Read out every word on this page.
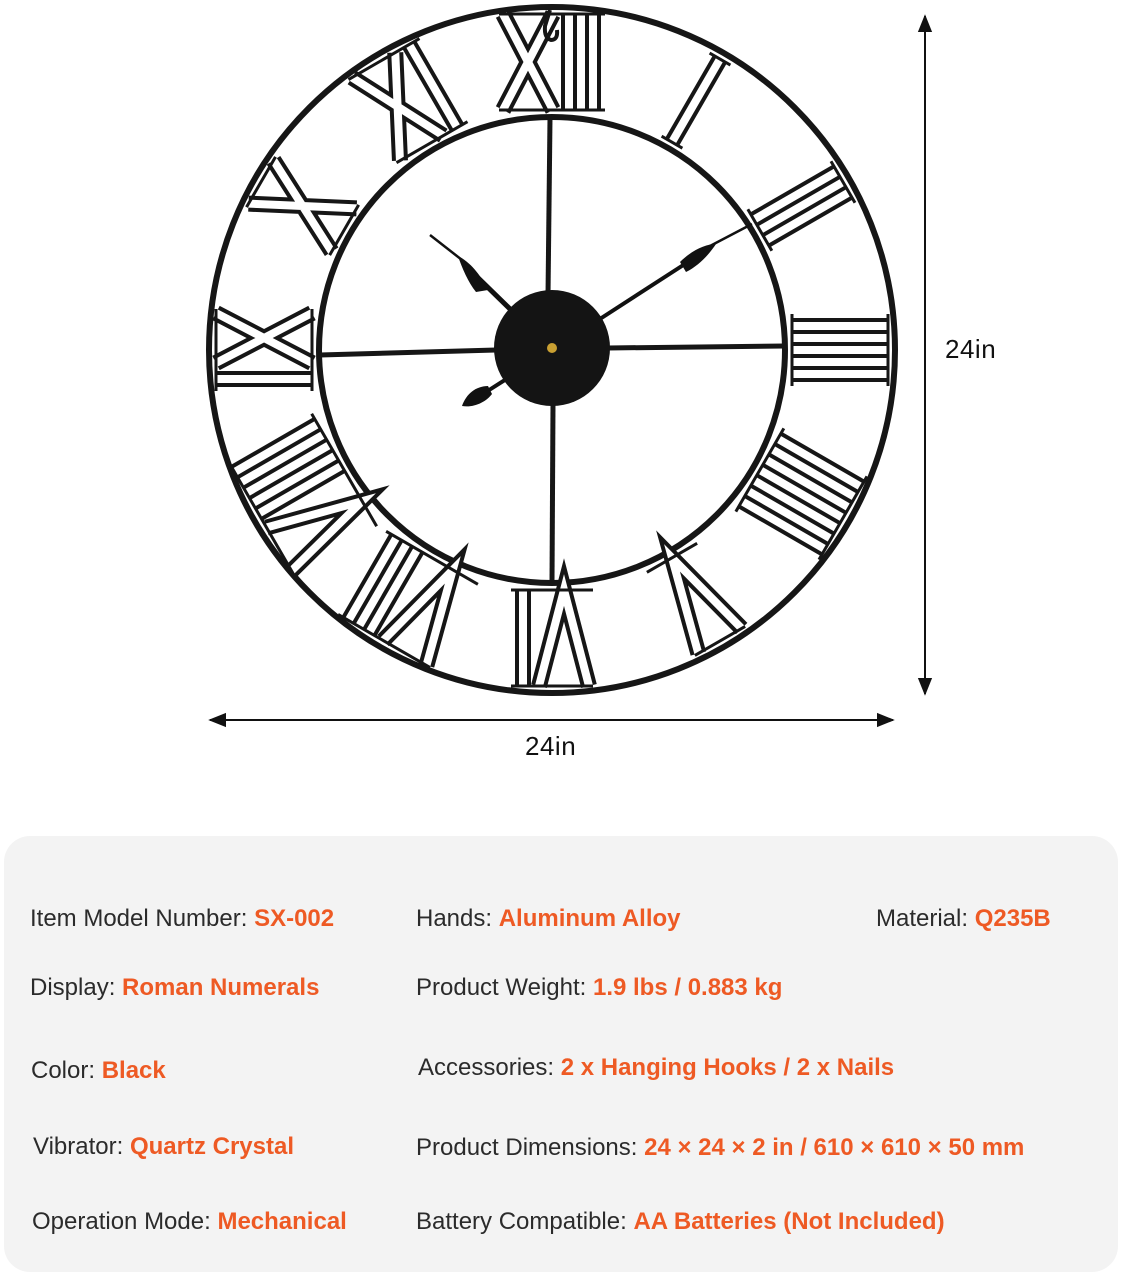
24in
24in
Item Model Number: SX-002	Hands: Aluminum Alloy	Material: Q235B
Display: Roman Numerals	Product Weight: 1.9 lbs / 0.883 kg
Color: Black	Accessories: 2 x Hanging Hooks / 2 x Nails
Vibrator: Quartz Crystal	Product Dimensions: 24 × 24 × 2 in / 610 × 610 × 50 mm
Operation Mode: Mechanical	Battery Compatible: AA Batteries (Not Included)
